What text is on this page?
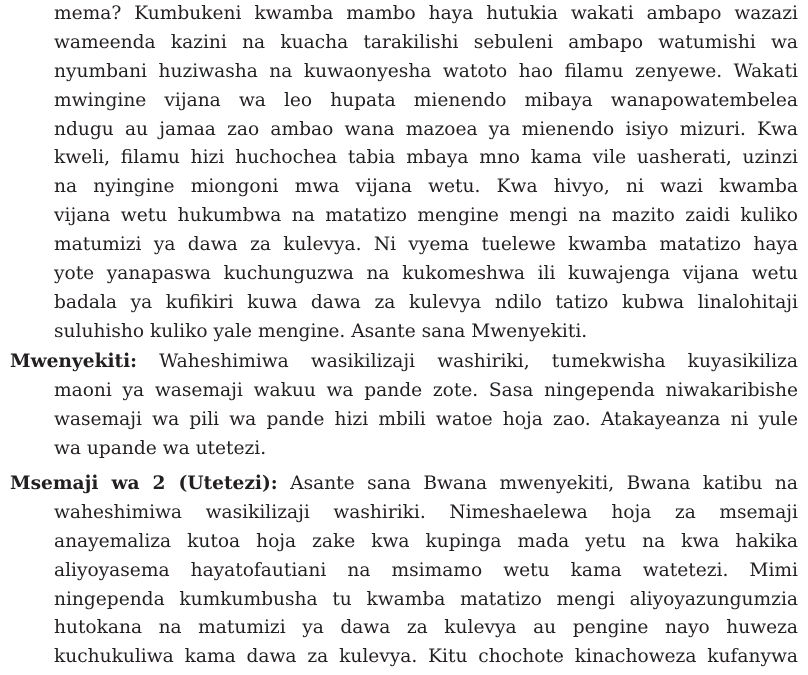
mema? Kumbukeni kwamba mambo haya hutukia wakati ambapo wazazi
wameenda kazini na kuacha tarakilishi sebuleni ambapo watumishi wa
nyumbani huziwasha na kuwaonyesha watoto hao filamu zenyewe. Wakati
mwingine vijana wa leo hupata mienendo mibaya wanapowatembelea
ndugu au jamaa zao ambao wana mazoea ya mienendo isiyo mizuri. Kwa
kweli, filamu hizi huchochea tabia mbaya mno kama vile uasherati, uzinzi
na nyingine miongoni mwa vijana wetu. Kwa hivyo, ni wazi kwamba
vijana wetu hukumbwa na matatizo mengine mengi na mazito zaidi kuliko
matumizi ya dawa za kulevya. Ni vyema tuelewe kwamba matatizo haya
yote yanapaswa kuchunguzwa na kukomeshwa ili kuwajenga vijana wetu
badala ya kufikiri kuwa dawa za kulevya ndilo tatizo kubwa linalohitaji
suluhisho kuliko yale mengine. Asante sana Mwenyekiti.
Mwenyekiti: Waheshimiwa wasikilizaji washiriki, tumekwisha kuyasikiliza
maoni ya wasemaji wakuu wa pande zote. Sasa ningependa niwakaribishe
wasemaji wa pili wa pande hizi mbili watoe hoja zao. Atakayeanza ni yule
wa upande wa utetezi.
Msemaji wa 2 (Utetezi): Asante sana Bwana mwenyekiti, Bwana katibu na
waheshimiwa wasikilizaji washiriki. Nimeshaelewa hoja za msemaji
anayemaliza kutoa hoja zake kwa kupinga mada yetu na kwa hakika
aliyoyasema hayatofautiani na msimamo wetu kama watetezi. Mimi
ningependa kumkumbusha tu kwamba matatizo mengi aliyoyazungumzia
hutokana na matumizi ya dawa za kulevya au pengine nayo huweza
kuchukuliwa kama dawa za kulevya. Kitu chochote kinachoweza kufanywa
